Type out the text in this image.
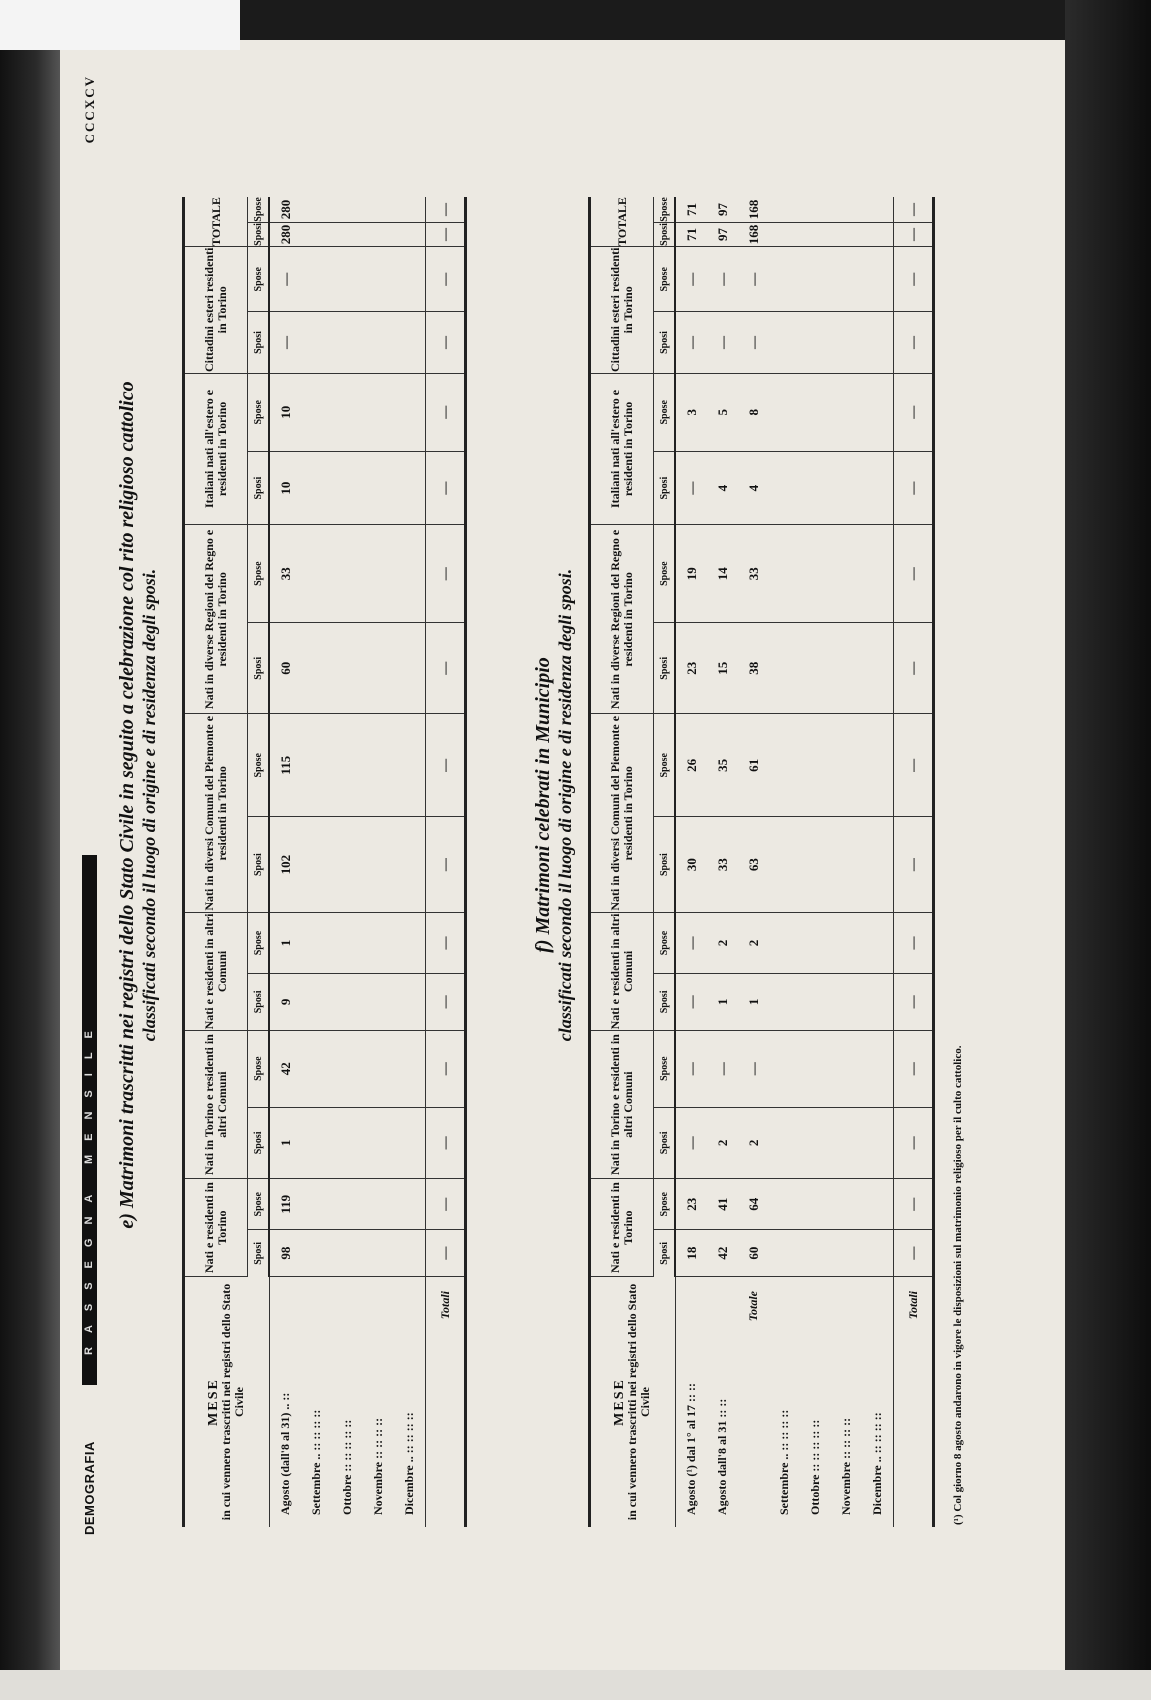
DEMOGRAFIA
RASSEGNA MENSILE
CCCXCV
e) Matrimoni trascritti nei registri dello Stato Civile in seguito a celebrazione col rito religioso cattolico classificati secondo il luogo di origine e di residenza degli sposi.
MESE
in cui vennero trascritti nei registri dello Stato Civile	Nati e residenti in Torino		Nati in Torino e residenti in altri Comuni		Nati e residenti in altri Comuni		Nati in diversi Comuni del Piemonte e residenti in Torino		Nati in diverse Regioni del Regno e residenti in Torino		Italiani nati all'estero e residenti in Torino		Cittadini esteri residenti in Torino		TOTALE	
	Sposi	Spose	Sposi	Spose	Sposi	Spose	Sposi	Spose	Sposi	Spose	Sposi	Spose	Sposi	Spose	Sposi	Spose
Agosto (dall'8 al 31) .. ::	98	119	1	42	9	1	102	115	60	33	10	10	—	—	280	280
Settembre .. :: :: :: ::																
Ottobre :: :: :: :: ::																
Novembre :: :: :: ::																
Dicembre .. :: :: :: ::																
Totali	—	—	—	—	—	—	—	—	—	—	—	—	—	—	—	—
f) Matrimoni celebrati in Municipio classificati secondo il luogo di origine e di residenza degli sposi.
MESE
in cui vennero trascritti nei registri dello Stato Civile	Nati e residenti in Torino		Nati in Torino e residenti in altri Comuni		Nati e residenti in altri Comuni		Nati in diversi Comuni del Piemonte e residenti in Torino		Nati in diverse Regioni del Regno e residenti in Torino		Italiani nati all'estero e residenti in Torino		Cittadini esteri residenti in Torino		TOTALE	
	Sposi	Spose	Sposi	Spose	Sposi	Spose	Sposi	Spose	Sposi	Spose	Sposi	Spose	Sposi	Spose	Sposi	Spose
Agosto (¹) dal 1° al 17 :: ::	18	23	—	—	—	—	30	26	23	19	—	3	—	—	71	71
Agosto dall'8 al 31 :: ::	42	41	2	—	1	2	33	35	15	14	4	5	—	—	97	97
Totale	60	64	2	—	1	2	63	61	38	33	4	8	—	—	168	168
Settembre .. :: :: :: ::																
Ottobre :: :: :: :: ::																
Novembre :: :: :: ::																
Dicembre .. :: :: :: ::																
Totali	—	—	—	—	—	—	—	—	—	—	—	—	—	—	—	—
(¹) Col giorno 8 agosto andarono in vigore le disposizioni sul matrimonio religioso per il culto cattolico.
